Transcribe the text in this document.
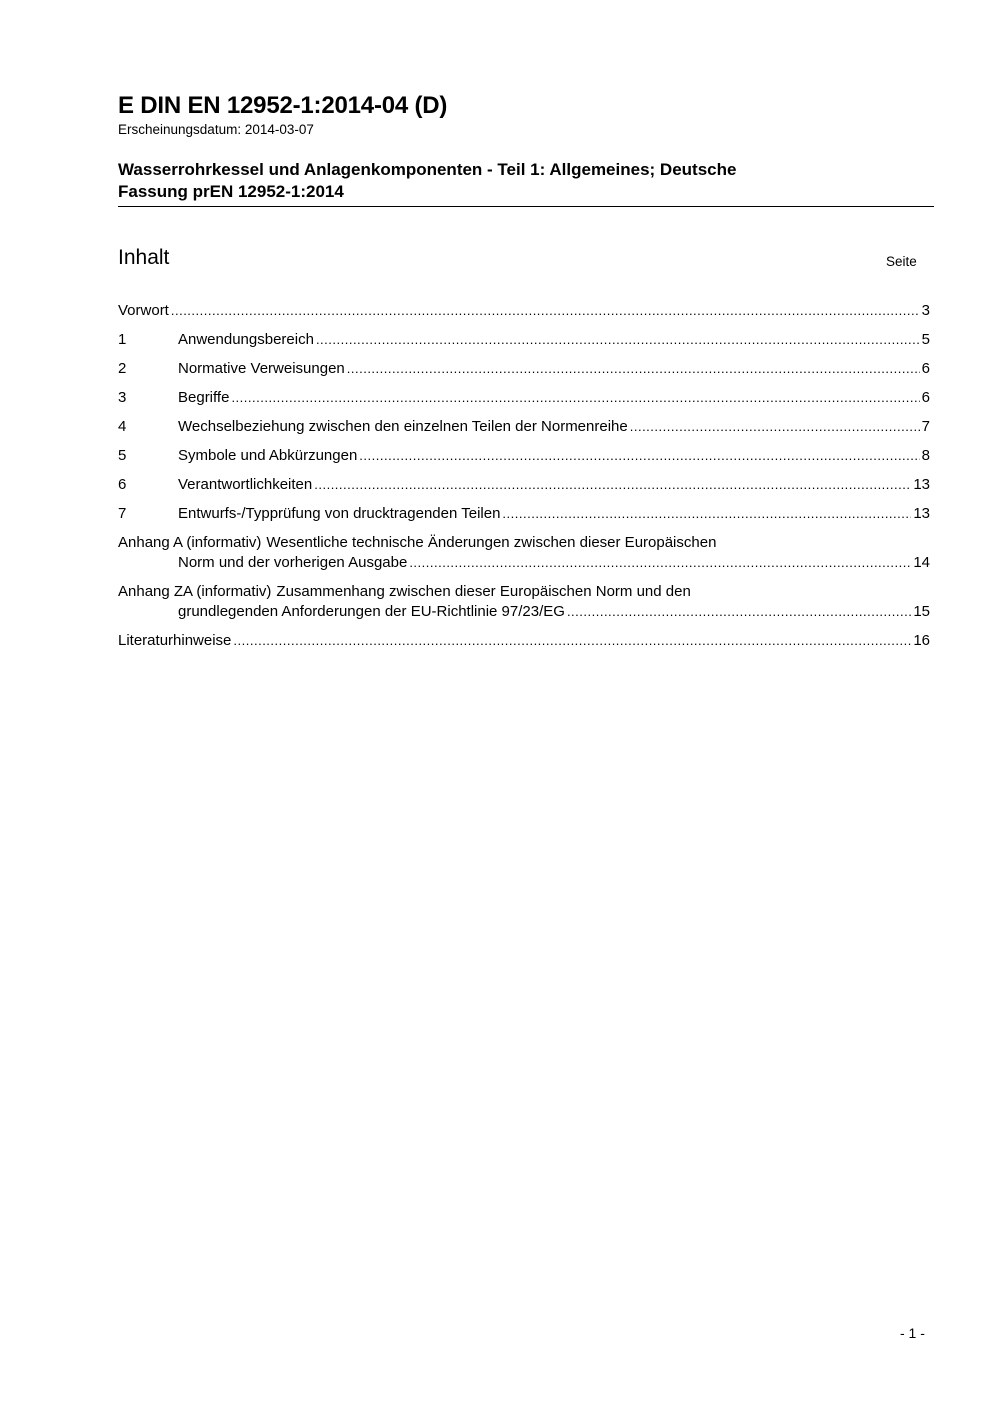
E DIN EN 12952-1:2014-04 (D)
Erscheinungsdatum: 2014-03-07
Wasserrohrkessel und Anlagenkomponenten - Teil 1: Allgemeines; Deutsche
Fassung prEN 12952-1:2014
Inhalt	Seite
Vorwort .....	3
1	Anwendungsbereich .....	5
2	Normative Verweisungen .....	6
3	Begriffe .....	6
4	Wechselbeziehung zwischen den einzelnen Teilen der Normenreihe .....	7
5	Symbole und Abkürzungen .....	8
6	Verantwortlichkeiten .....	13
7	Entwurfs-/Typprüfung von drucktragenden Teilen .....	13
Anhang A (informativ) Wesentliche technische Änderungen zwischen dieser Europäischen
Norm und der vorherigen Ausgabe .....	14
Anhang ZA (informativ) Zusammenhang zwischen dieser Europäischen Norm und den
grundlegenden Anforderungen der EU-Richtlinie 97/23/EG .....	15
Literaturhinweise .....	16
- 1 -
